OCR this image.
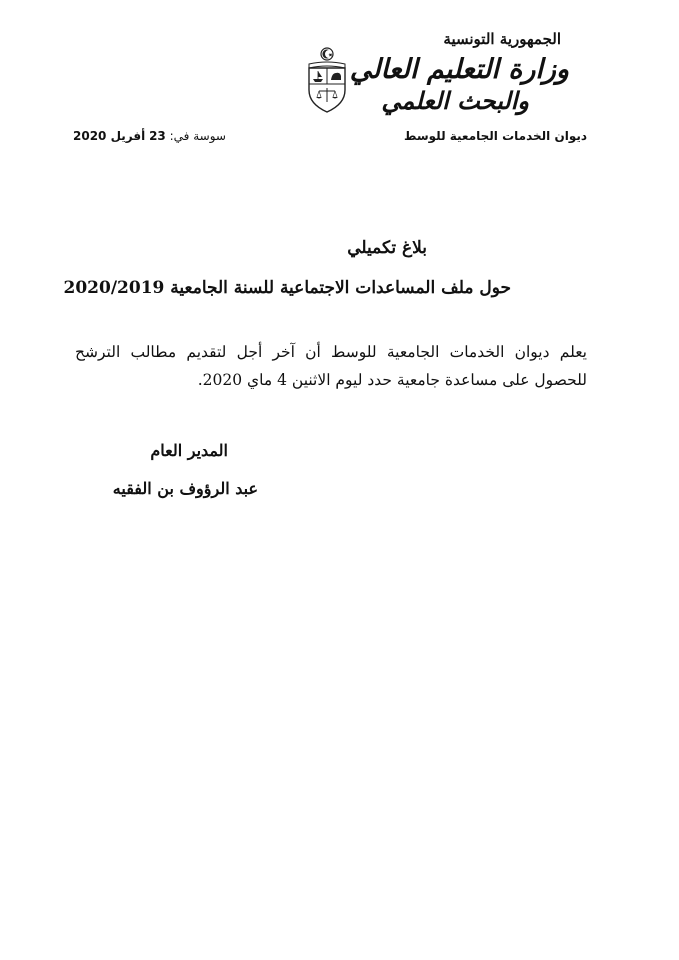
الجمهورية التونسية
وزارة التعليم العالي
والبحث العلمي
ديوان الخدمات الجامعية للوسط
سوسة في: 23 أفريل 2020
بلاغ تكميلي
حول ملف المساعدات الاجتماعية للسنة الجامعية 2020/2019
يعلم ديوان الخدمات الجامعية للوسط أن آخر أجل لتقديم مطالب الترشح للحصول على مساعدة جامعية حدد ليوم الاثنين 4 ماي 2020.
المدير العام
عبد الرؤوف بن الفقيه
